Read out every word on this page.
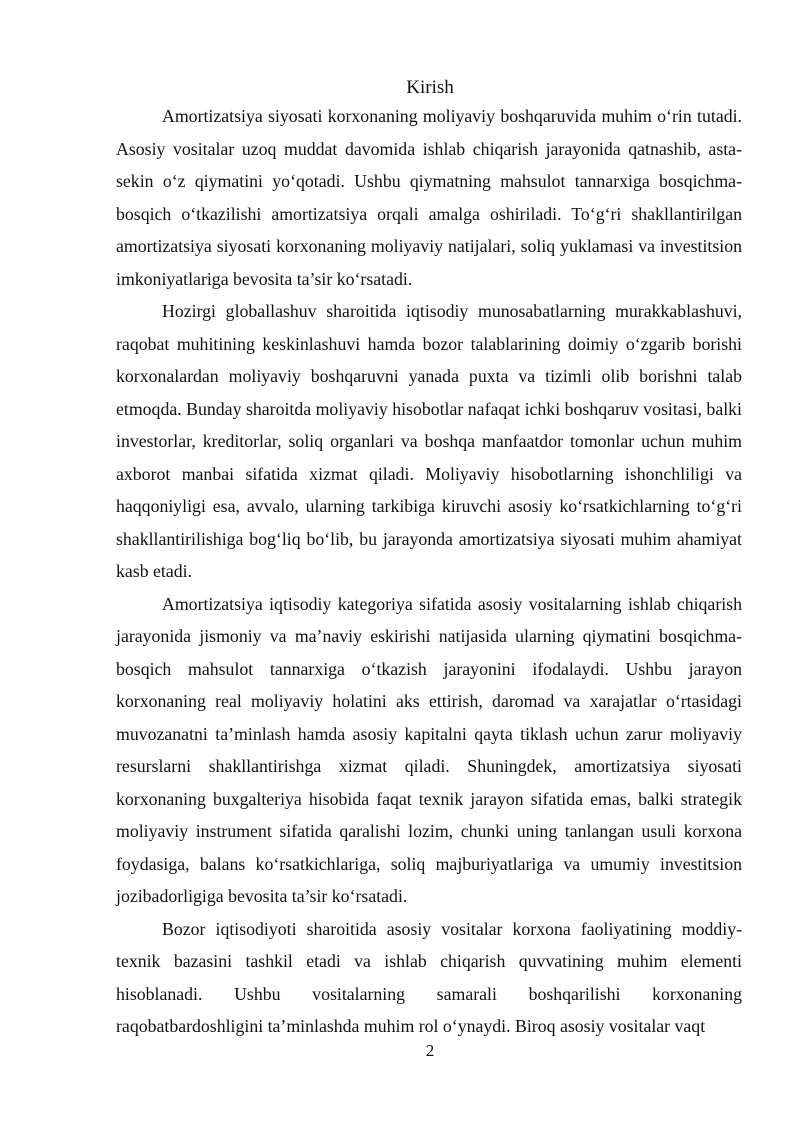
Kirish

Amortizatsiya siyosati korxonaning moliyaviy boshqaruvida muhim o‘rin tutadi. Asosiy vositalar uzoq muddat davomida ishlab chiqarish jarayonida qatnashib, asta-sekin o‘z qiymatini yo‘qotadi. Ushbu qiymatning mahsulot tannarxiga bosqichma-bosqich o‘tkazilishi amortizatsiya orqali amalga oshiriladi. To‘g‘ri shakllantirilgan amortizatsiya siyosati korxonaning moliyaviy natijalari, soliq yuklamasi va investitsion imkoniyatlariga bevosita ta’sir ko‘rsatadi.

Hozirgi globallashuv sharoitida iqtisodiy munosabatlarning murakkablashuvi, raqobat muhitining keskinlashuvi hamda bozor talablarining doimiy o‘zgarib borishi korxonalardan moliyaviy boshqaruvni yanada puxta va tizimli olib borishni talab etmoqda. Bunday sharoitda moliyaviy hisobotlar nafaqat ichki boshqaruv vositasi, balki investorlar, kreditorlar, soliq organlari va boshqa manfaatdor tomonlar uchun muhim axborot manbai sifatida xizmat qiladi. Moliyaviy hisobotlarning ishonchliligi va haqqoniyligi esa, avvalo, ularning tarkibiga kiruvchi asosiy ko‘rsatkichlarning to‘g‘ri shakllantirilishiga bog‘liq bo‘lib, bu jarayonda amortizatsiya siyosati muhim ahamiyat kasb etadi.

Amortizatsiya iqtisodiy kategoriya sifatida asosiy vositalarning ishlab chiqarish jarayonida jismoniy va ma’naviy eskirishi natijasida ularning qiymatini bosqichma-bosqich mahsulot tannarxiga o‘tkazish jarayonini ifodalaydi. Ushbu jarayon korxonaning real moliyaviy holatini aks ettirish, daromad va xarajatlar o‘rtasidagi muvozanatni ta’minlash hamda asosiy kapitalni qayta tiklash uchun zarur moliyaviy resurslarni shakllantirishga xizmat qiladi. Shuningdek, amortizatsiya siyosati korxonaning buxgalteriya hisobida faqat texnik jarayon sifatida emas, balki strategik moliyaviy instrument sifatida qaralishi lozim, chunki uning tanlangan usuli korxona foydasiga, balans ko‘rsatkichlariga, soliq majburiyatlariga va umumiy investitsion jozibadorligiga bevosita ta’sir ko‘rsatadi.

Bozor iqtisodiyoti sharoitida asosiy vositalar korxona faoliyatining moddiy-texnik bazasini tashkil etadi va ishlab chiqarish quvvatining muhim elementi hisoblanadi. Ushbu vositalarning samarali boshqarilishi korxonaning raqobatbardoshligini ta’minlashda muhim rol o‘ynaydi. Biroq asosiy vositalar vaqt

2
